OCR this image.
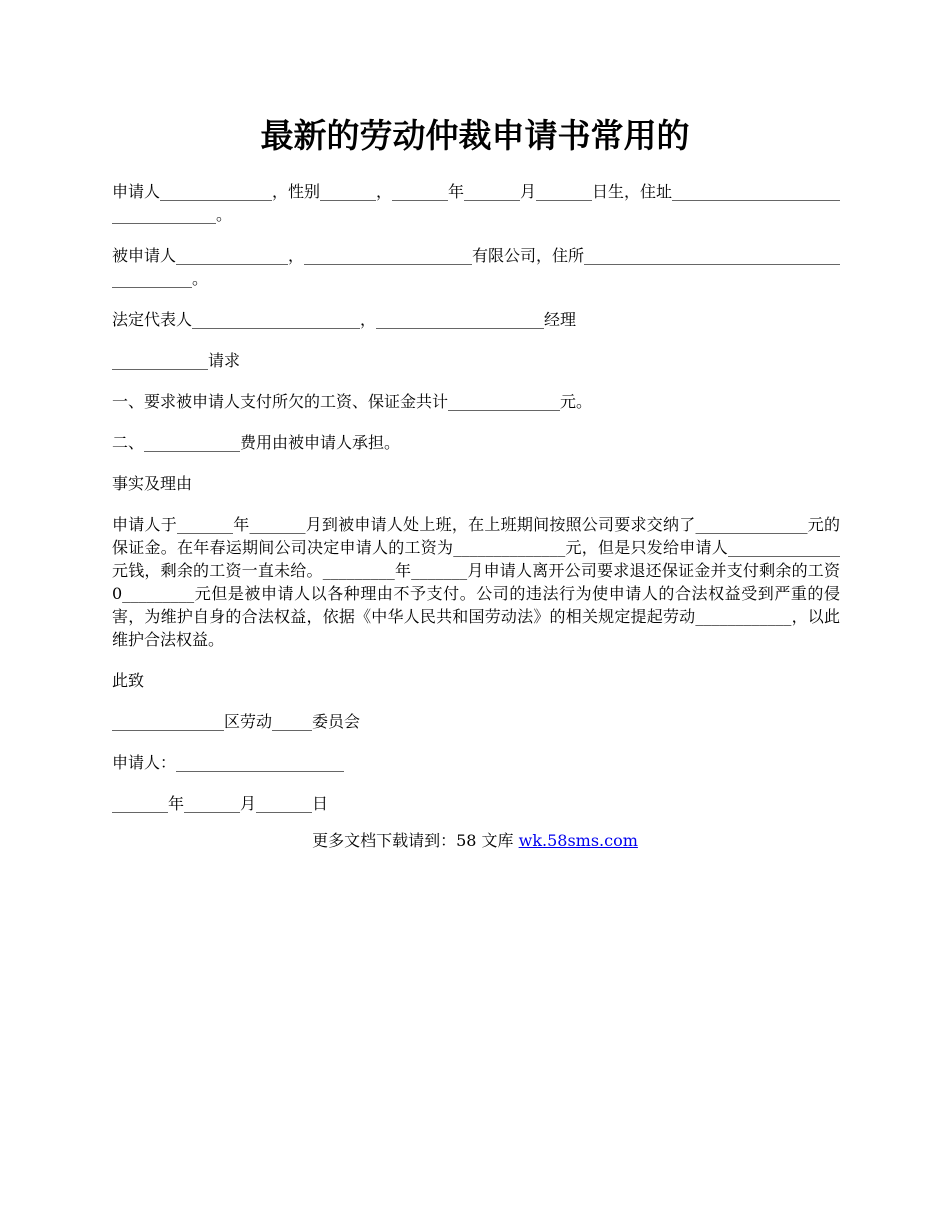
最新的劳动仲裁申请书常用的

申请人______________，性别_______，_______年_______月_______日生，住址__________________________________。

被申请人______________，_____________________有限公司，住所__________________________________________。

法定代表人_____________________，_____________________经理

____________请求

一、要求被申请人支付所欠的工资、保证金共计______________元。

二、____________费用由被申请人承担。

事实及理由

申请人于_______年_______月到被申请人处上班，在上班期间按照公司要求交纳了______________元的保证金。在年春运期间公司决定申请人的工资为______________元，但是只发给申请人______________元钱，剩余的工资一直未给。_________年_______月申请人离开公司要求退还保证金并支付剩余的工资0_________元但是被申请人以各种理由不予支付。公司的违法行为使申请人的合法权益受到严重的侵害，为维护自身的合法权益，依据《中华人民共和国劳动法》的相关规定提起劳动____________，以此维护合法权益。

此致

______________区劳动_____委员会

申请人：_____________________

_______年_______月_______日

更多文档下载请到：58 文库 wk.58sms.com
